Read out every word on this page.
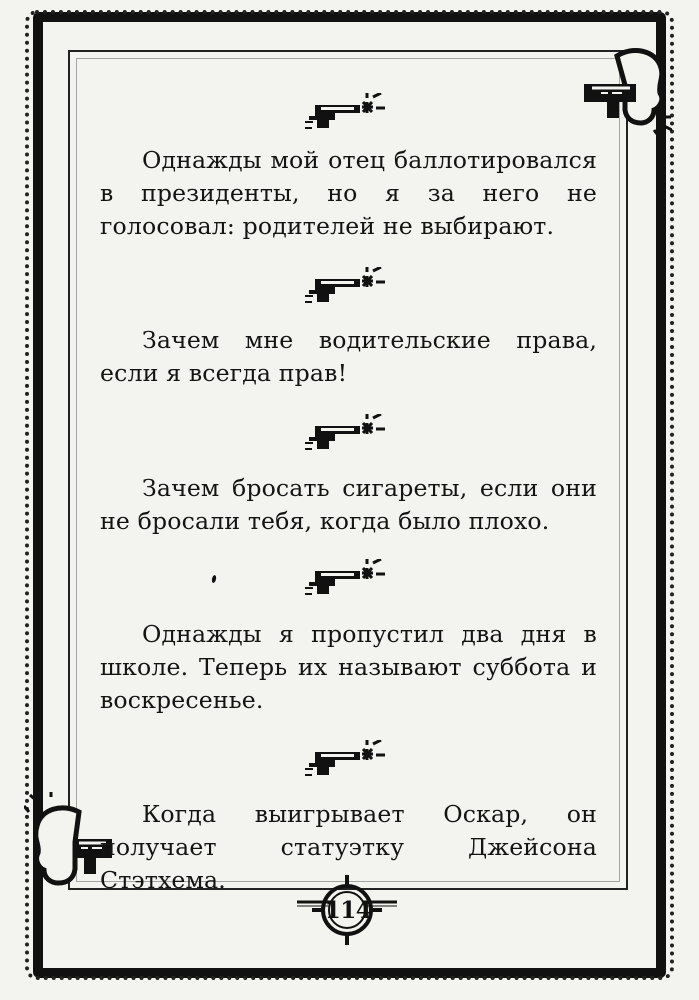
Однажды мой отец баллотировался в президенты, но я за него не голосовал: родителей не выбирают.
Зачем мне водительские права, если я всегда прав!
Зачем бросать сигареты, если они не бросали тебя, когда было плохо.
Однажды я пропустил два дня в школе. Теперь их называют суббота и воскресенье.
Когда выигрывает Оскар, он получает статуэтку Джейсона Стэтхема.
114
